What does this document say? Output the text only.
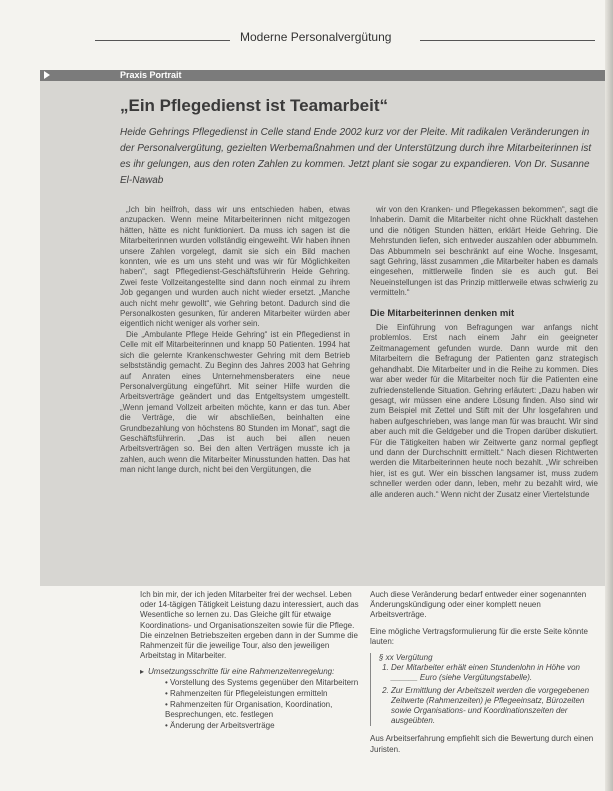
Moderne Personalvergütung
Praxis Portrait
„Ein Pflegedienst ist Teamarbeit“

Heide Gehrings Pflegedienst in Celle stand Ende 2002 kurz vor der Pleite. Mit radikalen Veränderungen in der Personalvergütung, gezielten Werbemaßnahmen und der Unterstützung durch ihre Mitarbeiterinnen ist es ihr gelungen, aus den roten Zahlen zu kommen. Jetzt plant sie sogar zu expandieren. Von Dr. Susanne El-Nawab

„Ich bin heilfroh, dass wir uns entschieden haben, etwas anzupacken. Wenn meine Mitarbeiterinnen nicht mitgezogen hätten, hätte es nicht funktioniert. Da muss ich sagen ist die Mitarbeiterinnen wurden vollständig eingeweiht. Wir haben ihnen unsere Zahlen vorgelegt, damit sie sich ein Bild machen konnten, wie es um uns steht und was wir für Möglichkeiten haben“, sagt Pflegedienst-Geschäftsführerin Heide Gehring. Zwei feste Vollzeitangestellte sind dann noch einmal zu ihrem Job gegangen und wurden auch nicht wieder ersetzt. „Manche auch nicht mehr gewollt“, wie Gehring betont. Dadurch sind die Personalkosten gesunken, für anderen Mitarbeiter würden aber eigentlich nicht weniger als vorher sein.

Die „Ambulante Pflege Heide Gehring“ ist ein Pflegedienst in Celle mit elf Mitarbeiterinnen und knapp 50 Patienten. 1994 hat sich die gelernte Krankenschwester Gehring mit dem Betrieb selbstständig gemacht. Zu Beginn des Jahres 2003 hat Gehring auf Anraten eines Unternehmensberaters eine neue Personalvergütung eingeführt. Mit seiner Hilfe wurden die Arbeitsverträge geändert und das Entgeltsystem umgestellt. „Wenn jemand Vollzeit arbeiten möchte, kann er das tun. Aber die Verträge, die wir abschließen, beinhalten eine Grundbezahlung von höchstens 80 Stunden im Monat“, sagt die Geschäftsführerin. „Das ist auch bei allen neuen Arbeitsverträgen so. Bei den alten Verträgen musste ich ja zahlen, auch wenn die Mitarbeiter Minusstunden hatten. Das hat man nicht lange durch, nicht bei den Vergütungen, die

wir von den Kranken- und Pflegekassen bekommen“, sagt die Inhaberin. Damit die Mitarbeiter nicht ohne Rückhalt dastehen und die nötigen Stunden hätten, erklärt Heide Gehring. Die Mehrstunden liefen, sich entweder auszahlen oder abbummeln. Das Abbummeln sei beschränkt auf eine Woche. Insgesamt, sagt Gehring, lässt zusammen „die Mitarbeiter haben es damals eingesehen, mittlerweile finden sie es auch gut. Bei Neueinstellungen ist das Prinzip mittlerweile etwas schwierig zu vermitteln.“

Die Mitarbeiterinnen denken mit

Die Einführung von Befragungen war anfangs nicht problemlos. Erst nach einem Jahr ein geeigneter Zeitmanagement gefunden wurde. Dann wurde mit den Mitarbeitern die Befragung der Patienten ganz strategisch gehandhabt. Die Mitarbeiter und in die Reihe zu kommen. Dies war aber weder für die Mitarbeiter noch für die Patienten eine zufriedenstellende Situation. Gehring erläutert: „Dazu haben wir gesagt, wir müssen eine andere Lösung finden. Also sind wir zum Beispiel mit Zettel und Stift mit der Uhr losgefahren und haben aufgeschrieben, was lange man für was braucht. Wir sind aber auch mit die Geldgeber und die Tropen darüber diskutiert. Für die Tätigkeiten haben wir Zeitwerte ganz normal gepflegt und dann der Durchschnitt ermittelt.“ Nach diesen Richtwerten werden die Mitarbeiterinnen heute noch bezahlt. „Wir schreiben hier, ist es gut. Wer ein bisschen langsamer ist, muss zudem schneller werden oder dann, leben, mehr zu bezahlt wird, wie alle anderen auch.“ Wenn nicht der Zusatz einer Viertelstunde

Ich bin mir, der ich jeden Mitarbeiter frei der wechsel. Leben oder 14-tägigen Tätigkeit Leistung dazu interessiert, auch das Wesentliche so lernen zu. Das Gleiche gilt für etwaige Koordinations- und Organisationszeiten sowie für die Pflege. Die einzelnen Betriebszeiten ergeben dann in der Summe die Rahmenzeit für die jeweilige Tour, also den jeweiligen Arbeitstag in Mitarbeiter.

▸ Umsetzungsschritte für eine Rahmenzeitenregelung:
• Vorstellung des Systems gegenüber den Mitarbeitern
• Rahmenzeiten für Pflegeleistungen ermitteln
• Rahmenzeiten für Organisation, Koordination, Besprechungen, etc. festlegen
• Änderung der Arbeitsverträge

Auch diese Veränderung bedarf entweder einer sogenannten Änderungskündigung oder einer komplett neuen Arbeitsverträge.

Eine mögliche Vertragsformulierung für die erste Seite könnte lauten:

§ xx Vergütung
1. Der Mitarbeiter erhält einen Stundenlohn in Höhe von ______ Euro (siehe Vergütungstabelle).
2. Zur Ermittlung der Arbeitszeit werden die vorgegebenen Zeitwerte (Rahmenzeiten) je Pflegeeinsatz, Bürozeiten sowie Organisations- und Koordinationszeiten der ausgeübten.

Aus Arbeitserfahrung empfiehlt sich die Bewertung durch einen Juristen.
